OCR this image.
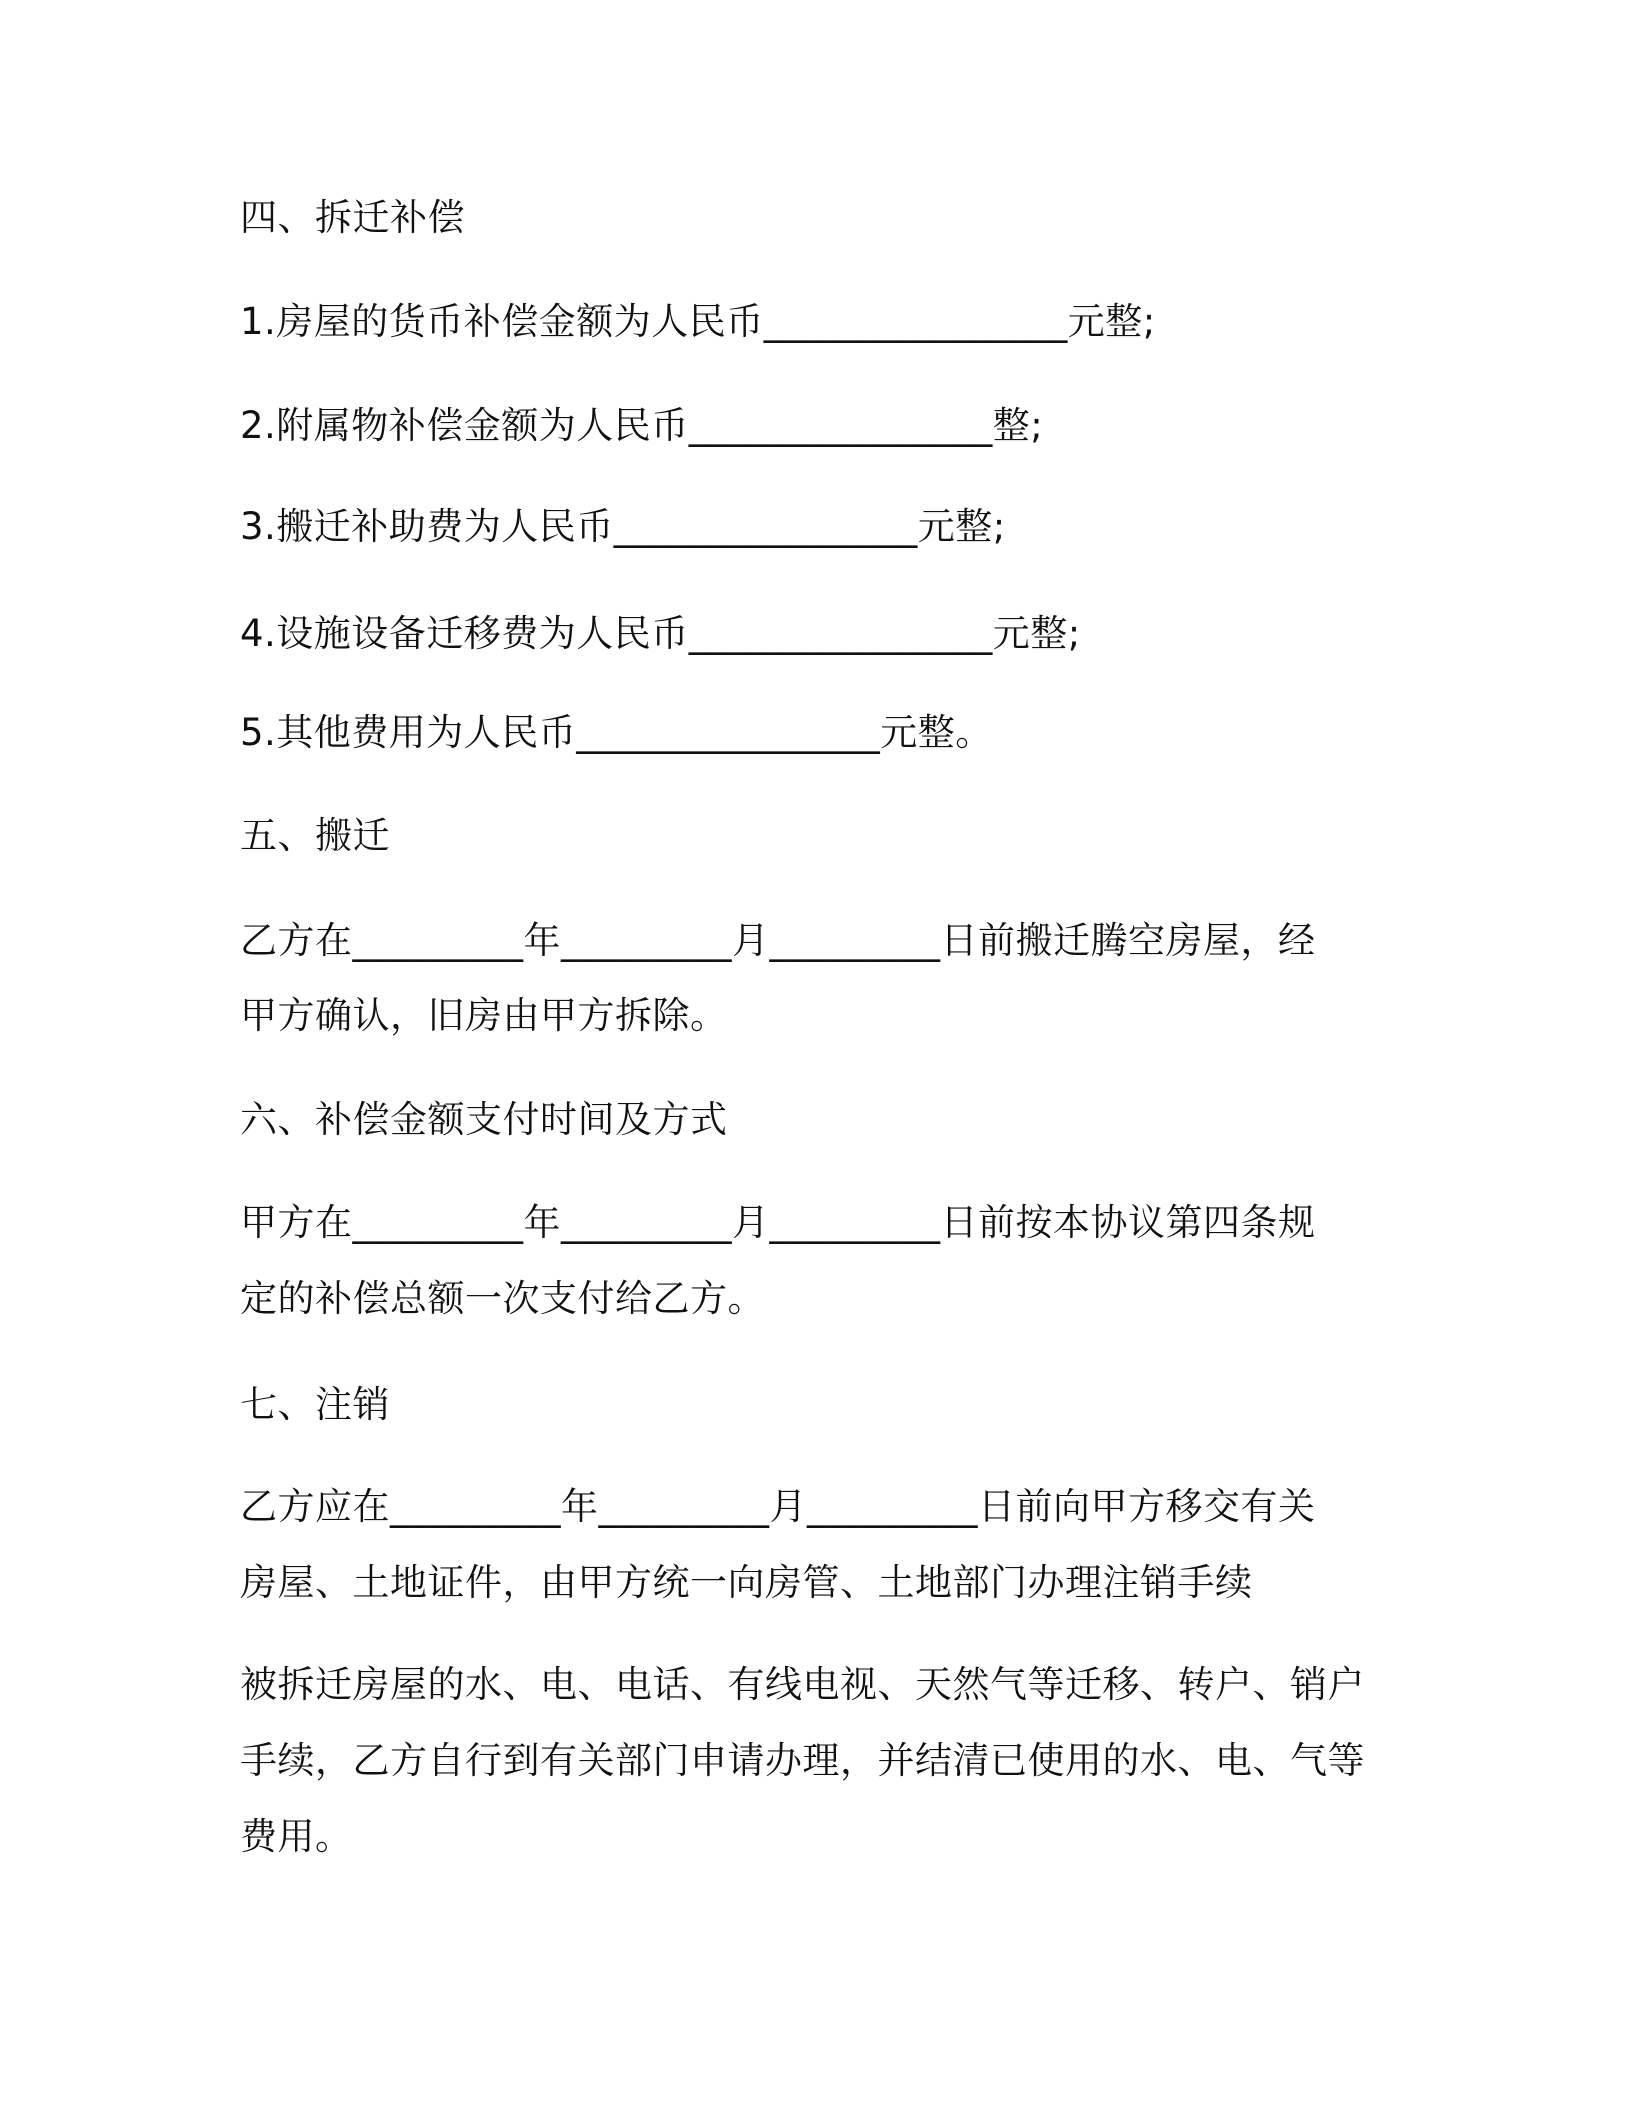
四、拆迁补偿
1.房屋的货币补偿金额为人民币________________元整;
2.附属物补偿金额为人民币________________整;
3.搬迁补助费为人民币________________元整;
4.设施设备迁移费为人民币________________元整;
5.其他费用为人民币________________元整。
五、搬迁
乙方在_________年_________月_________日前搬迁腾空房屋，经
甲方确认，旧房由甲方拆除。
六、补偿金额支付时间及方式
甲方在_________年_________月_________日前按本协议第四条规
定的补偿总额一次支付给乙方。
七、注销
乙方应在_________年_________月_________日前向甲方移交有关
房屋、土地证件，由甲方统一向房管、土地部门办理注销手续
被拆迁房屋的水、电、电话、有线电视、天然气等迁移、转户、销户
手续，乙方自行到有关部门申请办理，并结清已使用的水、电、气等
费用。
